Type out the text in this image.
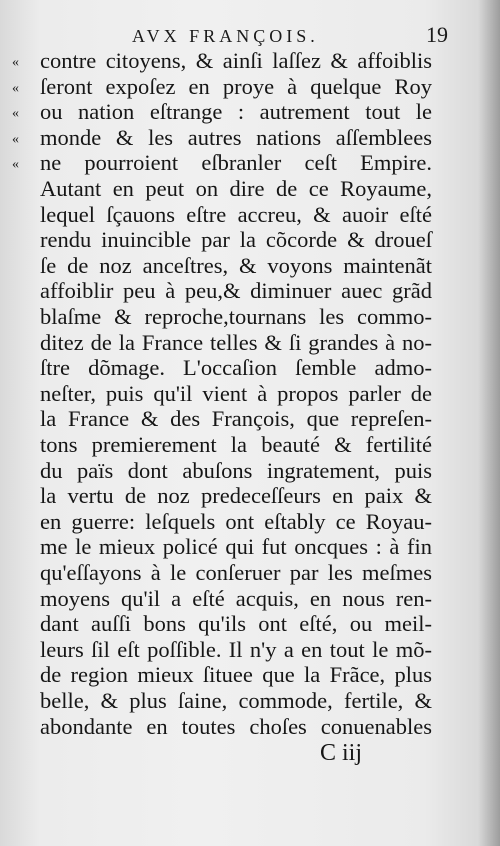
AVX FRANÇOIS.	19
« contre citoyens, & ainſi laſſez & affoiblis
« ſeront expoſez en proye à quelque Roy
« ou nation eſtrange : autrement tout le
« monde & les autres nations aſſemblees
« ne pourroient eſbranler ceſt Empire.
Autant en peut on dire de ce Royaume,
lequel ſçauons eſtre accreu, & auoir eſté
rendu inuincible par la cõcorde & droueſ
ſe de noz anceſtres, & voyons maintenãt
affoiblir peu à peu,& diminuer auec grãd
blaſme & reproche,tournans les commo-
ditez de la France telles & ſi grandes à no-
ſtre dõmage. L'occaſion ſemble admo-
neſter, puis qu'il vient à propos parler de
la France & des François, que repreſen-
tons premierement la beauté & fertilité
du païs dont abuſons ingratement, puis
la vertu de noz predeceſſeurs en paix &
en guerre: leſquels ont eſtably ce Royau-
me le mieux policé qui fut oncques : à fin
qu'eſſayons à le conſeruer par les meſmes
moyens qu'il a eſté acquis, en nous ren-
dant auſſi bons qu'ils ont eſté, ou meil-
leurs ſil eſt poſſible. Il n'y a en tout le mõ-
de region mieux ſituee que la Frãce, plus
belle, & plus ſaine, commode, fertile, &
abondante en toutes choſes conuenables
C iij
